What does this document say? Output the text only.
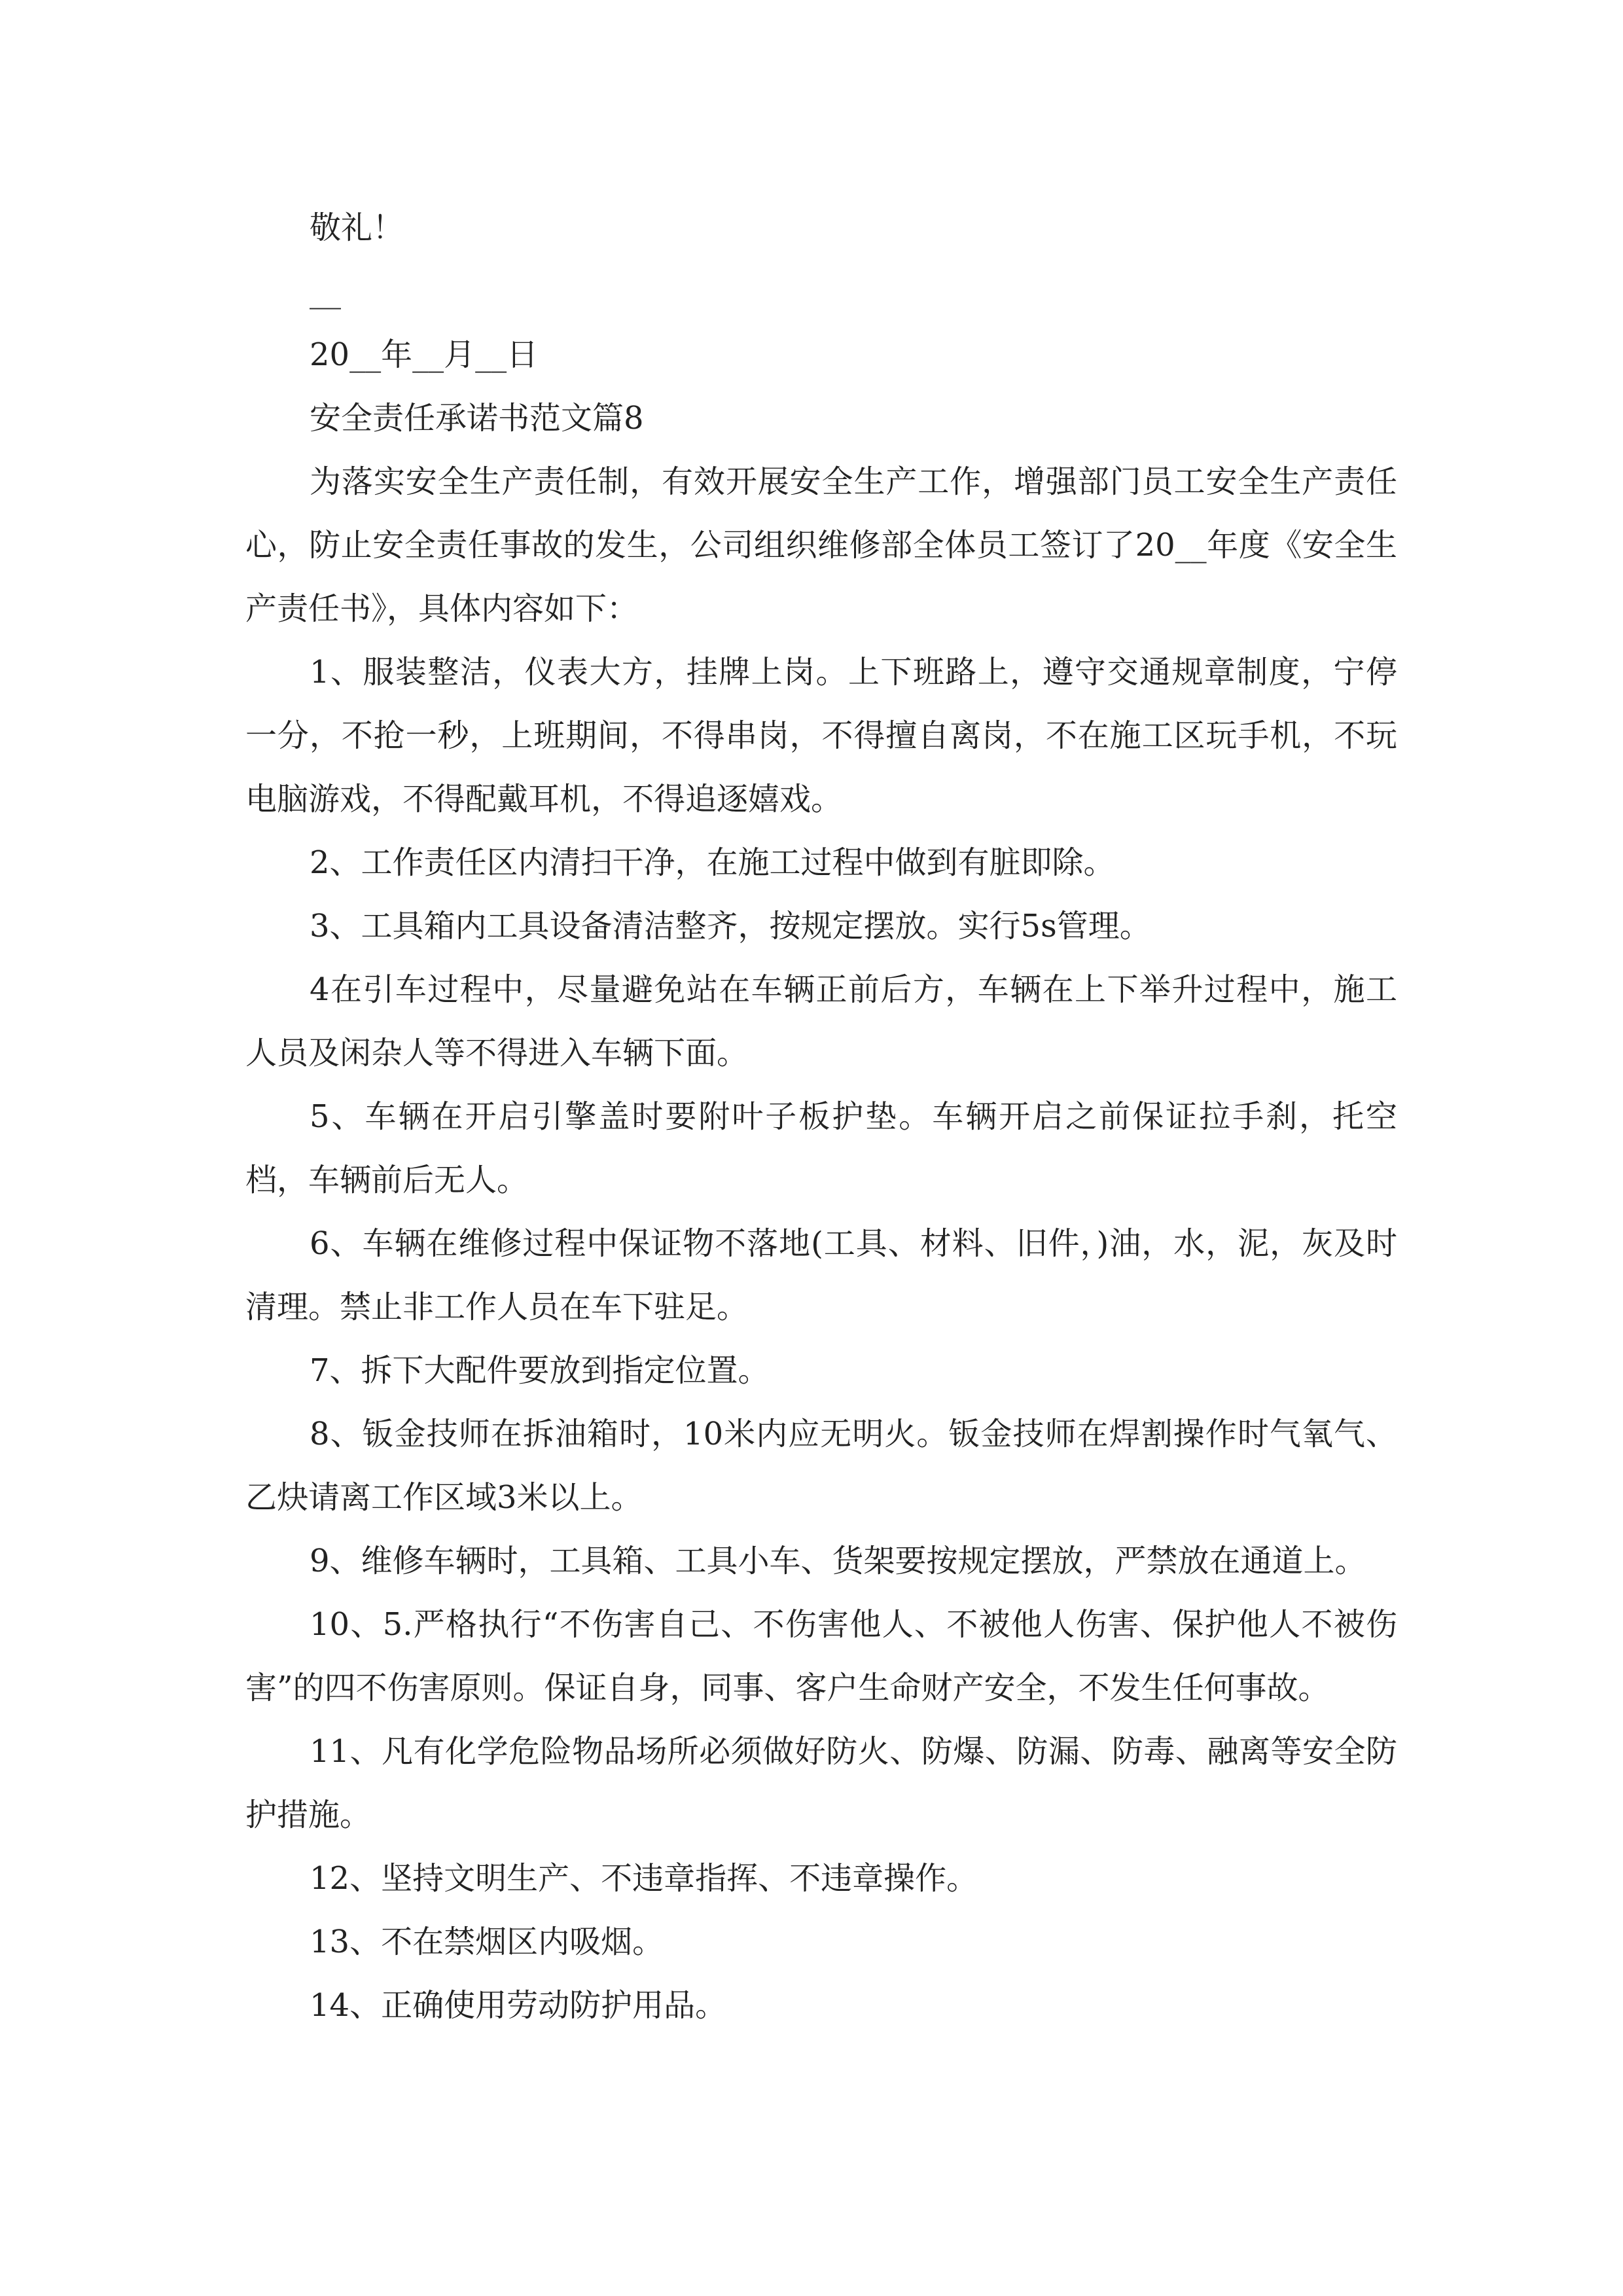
敬礼！

__

20__年__月__日

安全责任承诺书范文篇8

为落实安全生产责任制，有效开展安全生产工作，增强部门员工安全生产责任心，防止安全责任事故的发生，公司组织维修部全体员工签订了20__年度《安全生产责任书》，具体内容如下：

1、服装整洁，仪表大方，挂牌上岗。上下班路上，遵守交通规章制度，宁停一分，不抢一秒，上班期间，不得串岗，不得擅自离岗，不在施工区玩手机，不玩电脑游戏，不得配戴耳机，不得追逐嬉戏。

2、工作责任区内清扫干净，在施工过程中做到有脏即除。

3、工具箱内工具设备清洁整齐，按规定摆放。实行5s管理。

4在引车过程中，尽量避免站在车辆正前后方，车辆在上下举升过程中，施工人员及闲杂人等不得进入车辆下面。

5、车辆在开启引擎盖时要附叶子板护垫。车辆开启之前保证拉手刹，托空档，车辆前后无人。

6、车辆在维修过程中保证物不落地(工具、材料、旧件，)油，水，泥，灰及时清理。禁止非工作人员在车下驻足。

7、拆下大配件要放到指定位置。

8、钣金技师在拆油箱时，10米内应无明火。钣金技师在焊割操作时气氧气、乙炔请离工作区域3米以上。

9、维修车辆时，工具箱、工具小车、货架要按规定摆放，严禁放在通道上。

10、5.严格执行“不伤害自己、不伤害他人、不被他人伤害、保护他人不被伤害”的四不伤害原则。保证自身，同事、客户生命财产安全，不发生任何事故。

11、凡有化学危险物品场所必须做好防火、防爆、防漏、防毒、融离等安全防护措施。

12、坚持文明生产、不违章指挥、不违章操作。

13、不在禁烟区内吸烟。

14、正确使用劳动防护用品。
